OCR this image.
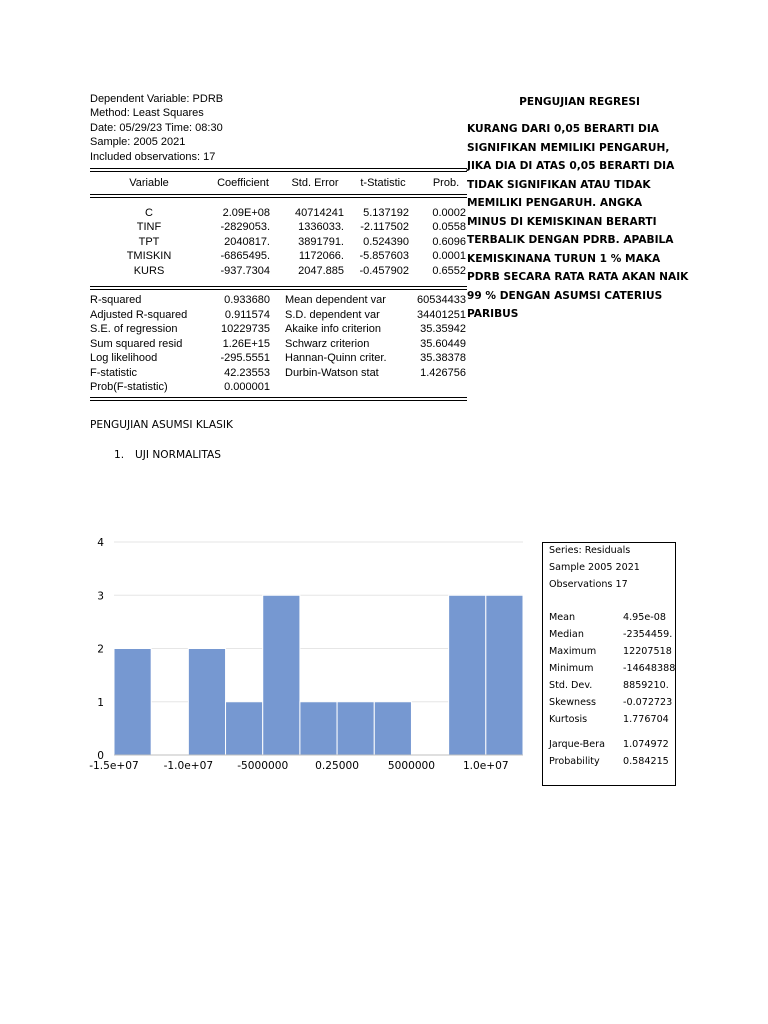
Dependent Variable: PDRB
Method: Least Squares
Date: 05/29/23 Time: 08:30
Sample: 2005 2021
Included observations: 17
Variable	Coefficient	Std. Error	t-Statistic	Prob.
C	2.09E+08	40714241	5.137192	0.0002
TINF	-2829053.	1336033.	-2.117502	0.0558
TPT	2040817.	3891791.	0.524390	0.6096
TMISKIN	-6865495.	1172066.	-5.857603	0.0001
KURS	-937.7304	2047.885	-0.457902	0.6552
R-squared	0.933680 Mean dependent var	60534433
Adjusted R-squared	0.911574 S.D. dependent var	34401251
S.E. of regression	10229735 Akaike info criterion	35.35942
Sum squared resid	1.26E+15 Schwarz criterion	35.60449
Log likelihood	-295.5551 Hannan-Quinn criter.	35.38378
F-statistic	42.23553 Durbin-Watson stat	1.426756
Prob(F-statistic)	0.000001
PENGUJIAN REGRESI
KURANG DARI 0,05 BERARTI DIA
SIGNIFIKAN MEMILIKI PENGARUH,
JIKA DIA DI ATAS 0,05 BERARTI DIA
TIDAK SIGNIFIKAN ATAU TIDAK
MEMILIKI PENGARUH. ANGKA
MINUS DI KEMISKINAN BERARTI
TERBALIK DENGAN PDRB. APABILA
KEMISKINANA TURUN 1 % MAKA
PDRB SECARA RATA RATA AKAN NAIK
99 % DENGAN ASUMSI CATERIUS
PARIBUS
PENGUJIAN ASUMSI KLASIK
1. UJI NORMALITAS
0
1
2
3
4
-1.5e+07 -1.0e+07 -5000000	0.25000	5000000	1.0e+07
Series: Residuals
Sample 2005 2021
Observations 17
Mean	4.95e-08
Median	-2354459.
Maximum	12207518
Minimum	-14648388
Std. Dev.	8859210.
Skewness	-0.072723
Kurtosis	1.776704
Jarque-Bera 1.074972
Probability 0.584215
